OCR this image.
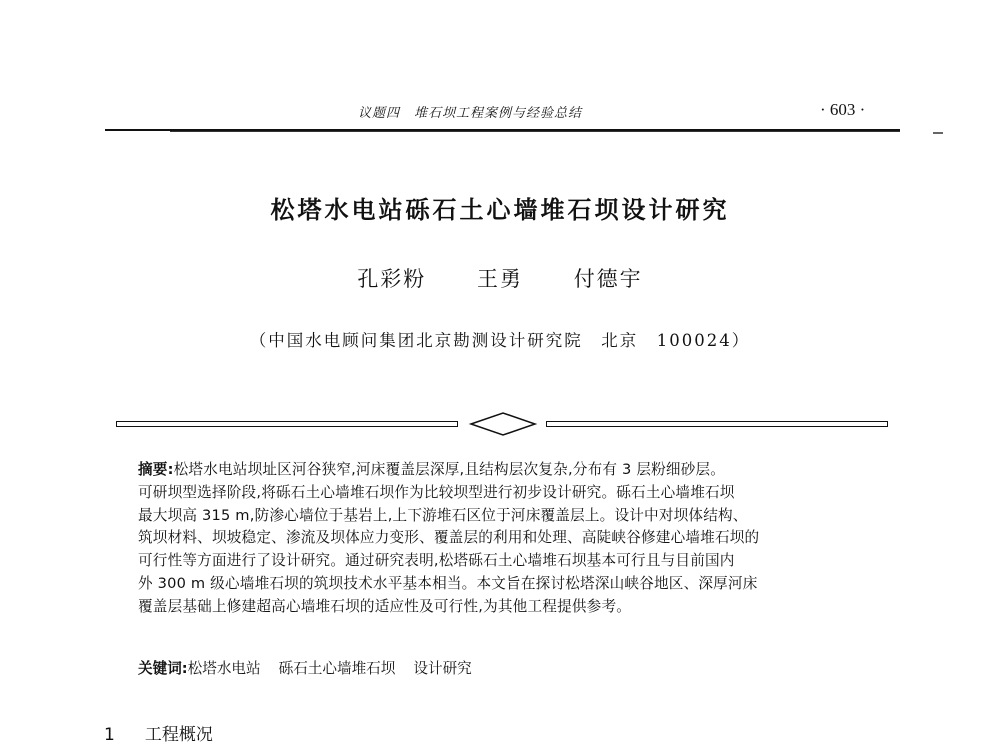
议题四　堆石坝工程案例与经验总结	· 603 ·
松塔水电站砾石土心墙堆石坝设计研究
孔彩粉 王勇 付德宇
（中国水电顾问集团北京勘测设计研究院　北京　100024）
摘要:松塔水电站坝址区河谷狭窄,河床覆盖层深厚,且结构层次复杂,分布有 3 层粉细砂层。
可研坝型选择阶段,将砾石土心墙堆石坝作为比较坝型进行初步设计研究。砾石土心墙堆石坝
最大坝高 315 m,防渗心墙位于基岩上,上下游堆石区位于河床覆盖层上。设计中对坝体结构、
筑坝材料、坝坡稳定、渗流及坝体应力变形、覆盖层的利用和处理、高陡峡谷修建心墙堆石坝的
可行性等方面进行了设计研究。通过研究表明,松塔砾石土心墙堆石坝基本可行且与目前国内
外 300 m 级心墙堆石坝的筑坝技术水平基本相当。本文旨在探讨松塔深山峡谷地区、深厚河床
覆盖层基础上修建超高心墙堆石坝的适应性及可行性,为其他工程提供参考。
关键词:松塔水电站 砾石土心墙堆石坝 设计研究
1 工程概况
